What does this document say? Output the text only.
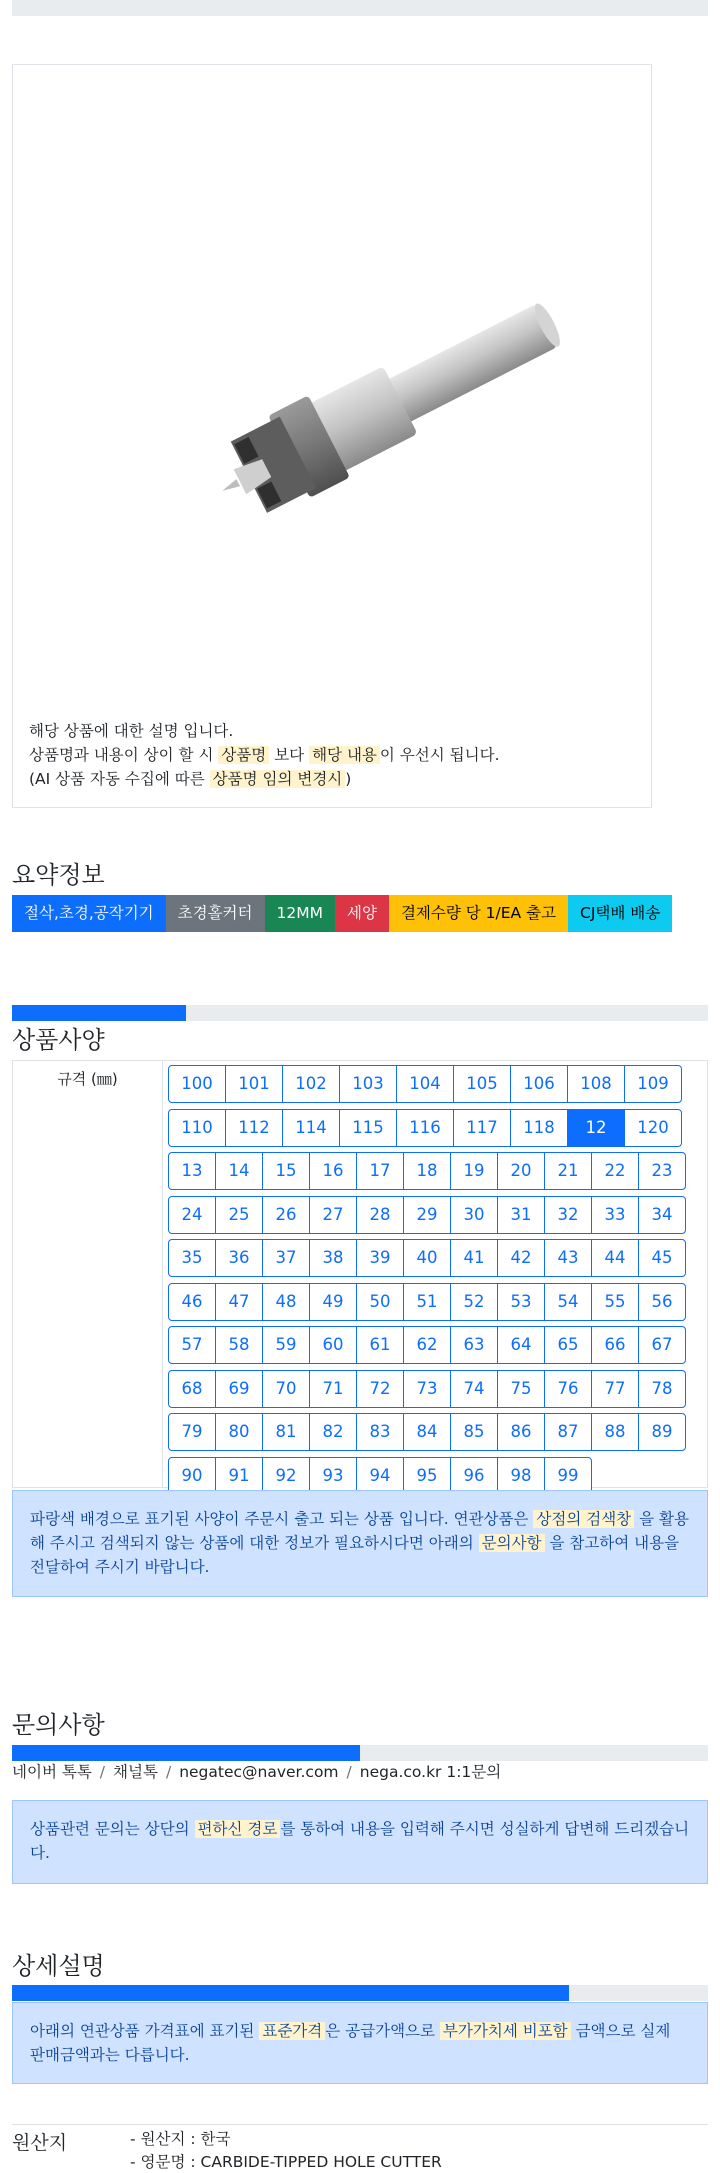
해당 상품에 대한 설명 입니다.
상품명과 내용이 상이 할 시 상품명 보다 해당 내용 이 우선시 됩니다.
(AI 상품 자동 수집에 따른 상품명 임의 변경시 )
요약정보
절삭,초경,공작기기	초경홀커터	12MM	세양	결제수량 당 1/EA 출고	CJ택배 배송
상품사양
규격 (㎜)	100	101	102	103	104	105	106	108	109
110	112	114	115	116	117	118	12	120
13	14	15	16	17	18	19	20	21	22	23
24	25	26	27	28	29	30	31	32	33	34
35	36	37	38	39	40	41	42	43	44	45
46	47	48	49	50	51	52	53	54	55	56
57	58	59	60	61	62	63	64	65	66	67
68	69	70	71	72	73	74	75	76	77	78
79	80	81	82	83	84	85	86	87	88	89
90	91	92	93	94	95	96	98	99
파랑색 배경으로 표기된 사양이 주문시 출고 되는 상품 입니다. 연관상품은 상점의 검색창 을 활용해 주시고 검색되지 않는 상품에 대한 정보가 필요하시다면 아래의 문의사항 을 참고하여 내용을 전달하여 주시기 바랍니다.
문의사항
네이버 톡톡 / 채널톡 / negatec@naver.com / nega.co.kr 1:1문의
상품관련 문의는 상단의 편하신 경로 를 통하여 내용을 입력해 주시면 성실하게 답변해 드리겠습니다.
상세설명
아래의 연관상품 가격표에 표기된 표준가격 은 공급가액으로 부가가치세 비포함 금액으로 실제 판매금액과는 다릅니다.
원산지	- 원산지 : 한국
- 영문명 : CARBIDE-TIPPED HOLE CUTTER
